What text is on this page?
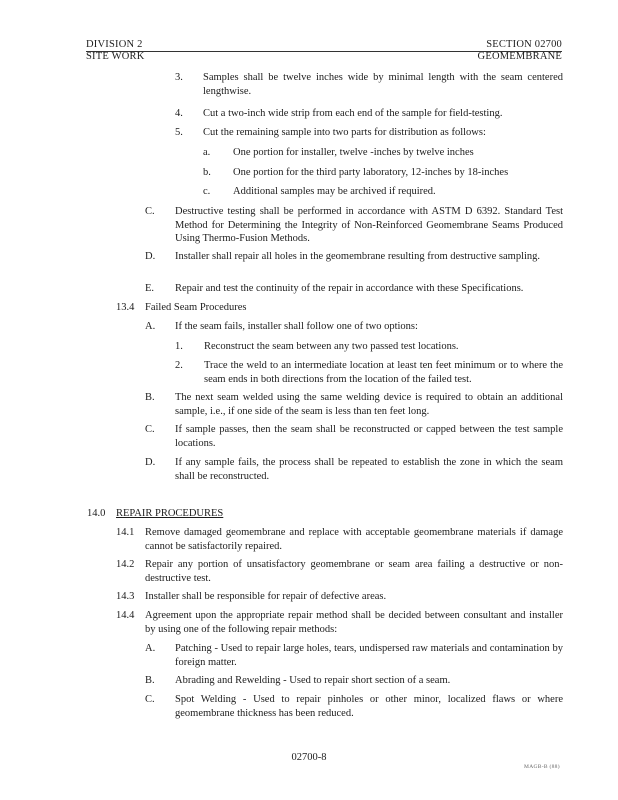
DIVISION 2
SITE WORK
SECTION 02700
GEOMEMBRANE
3. Samples shall be twelve inches wide by minimal length with the seam centered lengthwise.
4. Cut a two-inch wide strip from each end of the sample for field-testing.
5. Cut the remaining sample into two parts for distribution as follows:
a. One portion for installer, twelve -inches by twelve inches
b. One portion for the third party laboratory, 12-inches by 18-inches
c. Additional samples may be archived if required.
C. Destructive testing shall be performed in accordance with ASTM D 6392. Standard Test Method for Determining the Integrity of Non-Reinforced Geomembrane Seams Produced Using Thermo-Fusion Methods.
D. Installer shall repair all holes in the geomembrane resulting from destructive sampling.
E. Repair and test the continuity of the repair in accordance with these Specifications.
13.4 Failed Seam Procedures
A. If the seam fails, installer shall follow one of two options:
1. Reconstruct the seam between any two passed test locations.
2. Trace the weld to an intermediate location at least ten feet minimum or to where the seam ends in both directions from the location of the failed test.
B. The next seam welded using the same welding device is required to obtain an additional sample, i.e., if one side of the seam is less than ten feet long.
C. If sample passes, then the seam shall be reconstructed or capped between the test sample locations.
D. If any sample fails, the process shall be repeated to establish the zone in which the seam shall be reconstructed.
14.0 REPAIR PROCEDURES
14.1 Remove damaged geomembrane and replace with acceptable geomembrane materials if damage cannot be satisfactorily repaired.
14.2 Repair any portion of unsatisfactory geomembrane or seam area failing a destructive or non-destructive test.
14.3 Installer shall be responsible for repair of defective areas.
14.4 Agreement upon the appropriate repair method shall be decided between consultant and installer by using one of the following repair methods:
A. Patching - Used to repair large holes, tears, undispersed raw materials and contamination by foreign matter.
B. Abrading and Rewelding - Used to repair short section of a seam.
C. Spot Welding - Used to repair pinholes or other minor, localized flaws or where geomembrane thickness has been reduced.
02700-8
MAGB-B (88)
